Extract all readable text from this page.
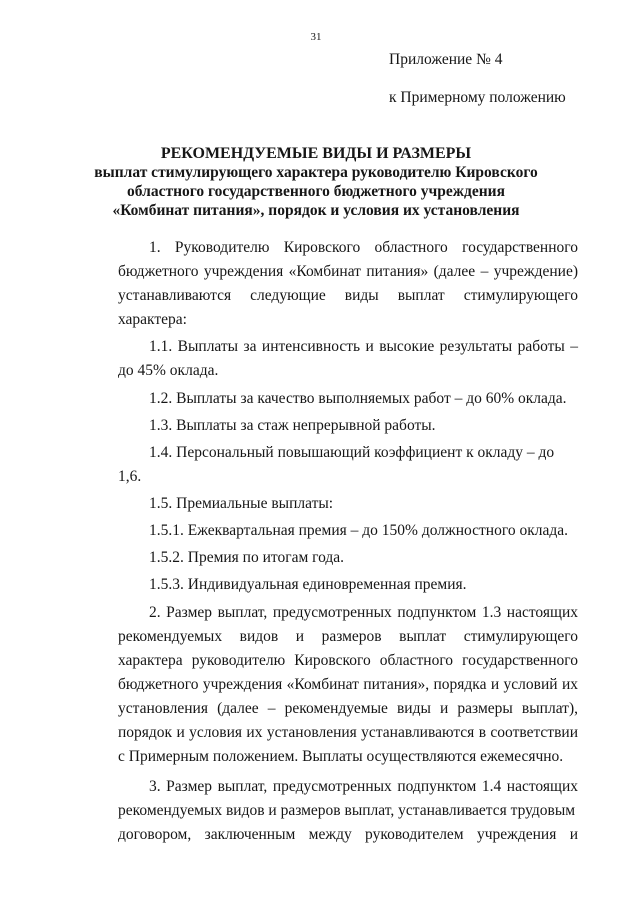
31
Приложение № 4
к Примерному положению
РЕКОМЕНДУЕМЫЕ ВИДЫ И РАЗМЕРЫ
выплат стимулирующего характера руководителю Кировского
областного государственного бюджетного учреждения
«Комбинат питания», порядок и условия их установления
1. Руководителю Кировского областного государственного бюджетного учреждения «Комбинат питания» (далее – учреждение) устанавливаются следующие виды выплат стимулирующего характера:
1.1. Выплаты за интенсивность и высокие результаты работы – до 45% оклада.
1.2. Выплаты за качество выполняемых работ – до 60% оклада.
1.3. Выплаты за стаж непрерывной работы.
1.4. Персональный повышающий коэффициент к окладу – до 1,6.
1.5. Премиальные выплаты:
1.5.1. Ежеквартальная премия – до 150% должностного оклада.
1.5.2. Премия по итогам года.
1.5.3. Индивидуальная единовременная премия.
2. Размер выплат, предусмотренных подпунктом 1.3 настоящих рекомендуемых видов и размеров выплат стимулирующего характера руководителю Кировского областного государственного бюджетного учреждения «Комбинат питания», порядка и условий их установления (далее – рекомендуемые виды и размеры выплат), порядок и условия их установления устанавливаются в соответствии с Примерным положением. Выплаты осуществляются ежемесячно.
3. Размер выплат, предусмотренных подпунктом 1.4 настоящих рекомендуемых видов и размеров выплат, устанавливается трудовым
договором, заключенным между руководителем учреждения и
